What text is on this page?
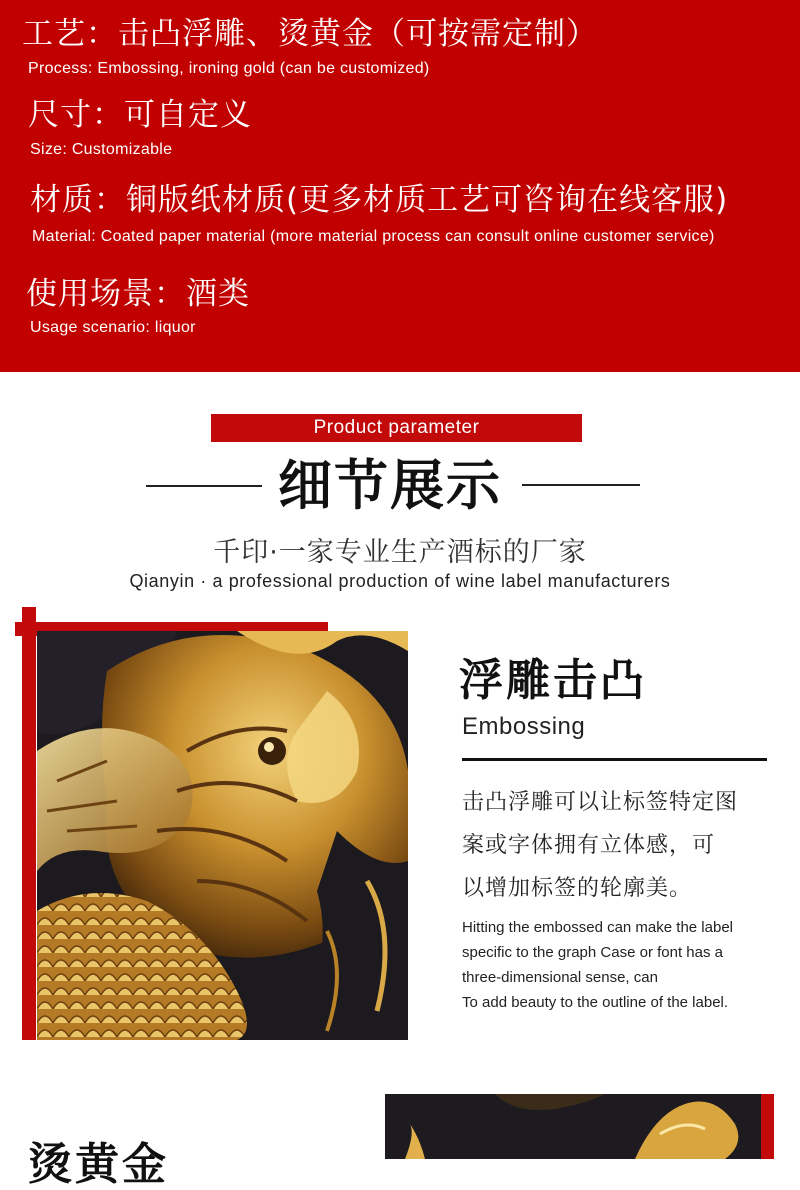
工艺：击凸浮雕、烫黄金（可按需定制）
Process: Embossing, ironing gold (can be customized)
尺寸：可自定义
Size: Customizable
材质：铜版纸材质(更多材质工艺可咨询在线客服)
Material: Coated paper material (more material process can consult online customer service)
使用场景：酒类
Usage scenario: liquor
Product parameter
细节展示
千印·一家专业生产酒标的厂家
Qianyin · a professional production of wine label manufacturers
浮雕击凸
Embossing
击凸浮雕可以让标签特定图
案或字体拥有立体感，可
以增加标签的轮廓美。
Hitting the embossed can make the label
specific to the graph Case or font has a
three-dimensional sense, can
To add beauty to the outline of the label.
烫黄金
